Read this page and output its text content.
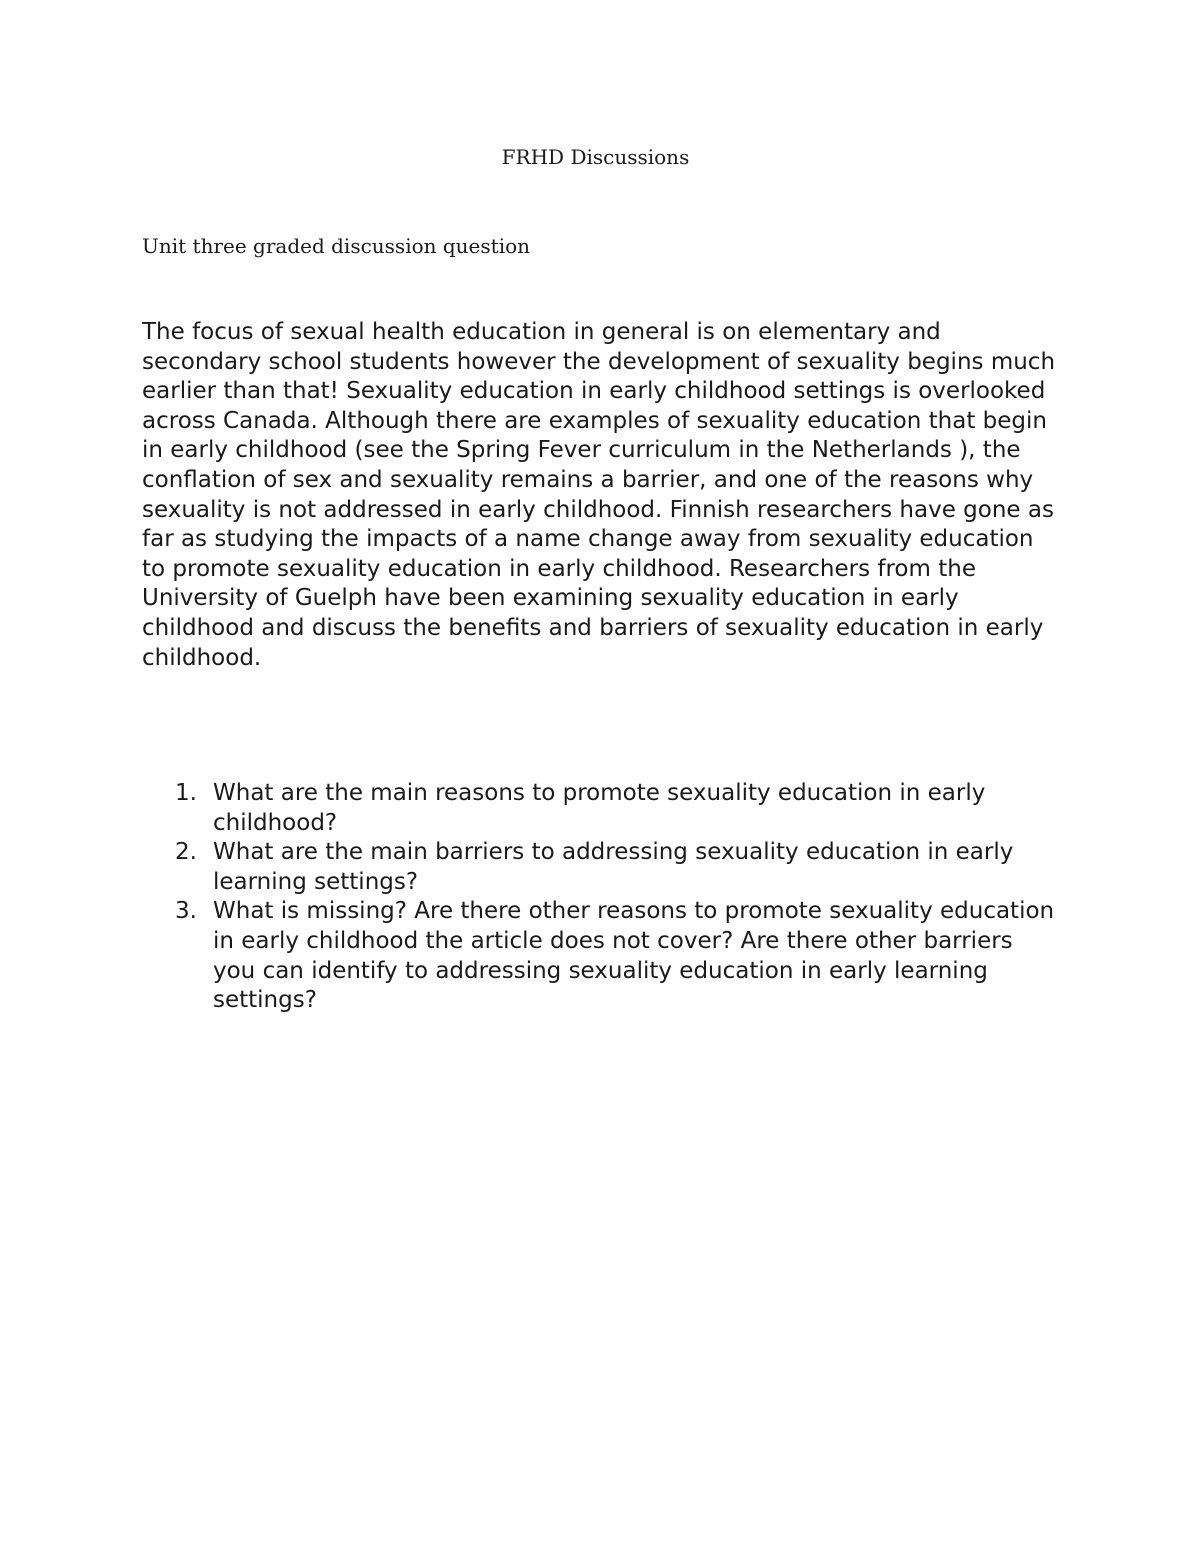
FRHD Discussions

Unit three graded discussion question

The focus of sexual health education in general is on elementary and secondary school students however the development of sexuality begins much earlier than that! Sexuality education in early childhood settings is overlooked across Canada. Although there are examples of sexuality education that begin in early childhood (see the Spring Fever curriculum in the Netherlands ), the conflation of sex and sexuality remains a barrier, and one of the reasons why sexuality is not addressed in early childhood. Finnish researchers have gone as far as studying the impacts of a name change away from sexuality education to promote sexuality education in early childhood. Researchers from the University of Guelph have been examining sexuality education in early childhood and discuss the benefits and barriers of sexuality education in early childhood.

1. What are the main reasons to promote sexuality education in early childhood?
2. What are the main barriers to addressing sexuality education in early learning settings?
3. What is missing? Are there other reasons to promote sexuality education in early childhood the article does not cover? Are there other barriers you can identify to addressing sexuality education in early learning settings?
